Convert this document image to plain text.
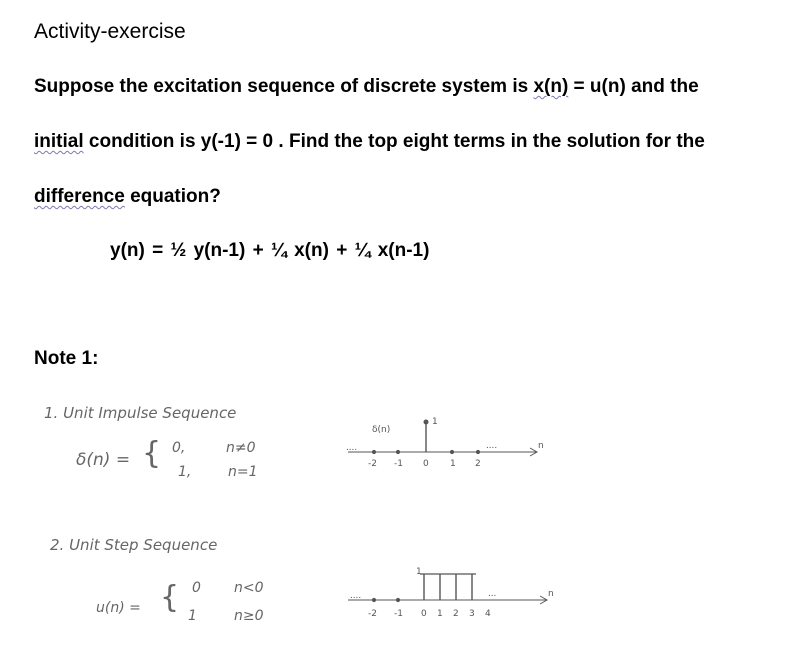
Activity-exercise
Suppose the excitation sequence of discrete system is x(n) = u(n) and the
initial condition is y(-1) = 0 . Find the top eight terms in the solution for the
difference equation?
y(n) = ½ y(n-1) + ¼ x(n) + ¼ x(n-1)
Note 1:
1. Unit Impulse Sequence
δ(n) = { 0,	n≠0
1,	n=1
....	....
δ(n)
1
n
-2 -1 0 1 2
2. Unit Step Sequence
u(n) = { 0 n<0
1	n≥0
....	...
1
n
-2 -1 0 1 2 3 4
